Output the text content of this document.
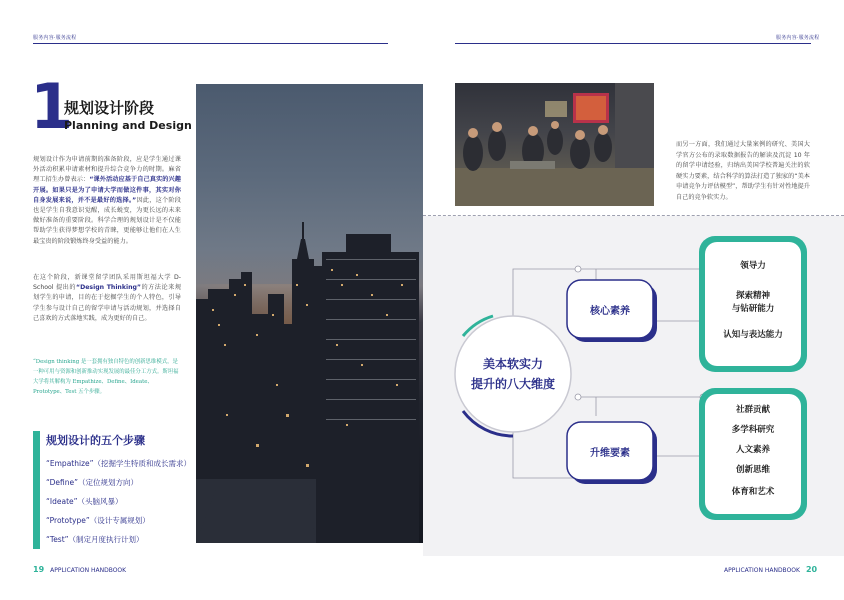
服务内容·服务流程	服务内容·服务流程
1
规划设计阶段
Planning and Design
规划设计作为申请前期的准备阶段，应是学生通过课外活动积累申请素材和提升综合竞争力的时期。麻省理工招生办曾表示：“课外活动应基于自己真实的兴趣开展。如果只是为了申请大学而做这件事，其实对你自身发展来说，并不是最好的选择。”因此，这个阶段也是学生自我意识觉醒，成长蜕变，为更长远的未来做好准备的重要阶段。科学合理的规划设计是不仅能帮助学生获得梦想学校的青睐，更能够让他们在人生最宝贵的阶段锻炼终身受益的能力。
在这个阶段，新课堂留学团队采用斯坦福大学 D-School 提出的“Design Thinking”的方法论来规划学生的申请，目的在于挖掘学生的个人特色，引导学生参与设计自己的留学申请与活动规划，并选择自己喜欢的方式落地实践，成为更好的自己。
“Design thinking 是一套拥有独自特色的创新思维模式，是一种可用与资源和创新推动实现发展的最佳分工方式。斯坦福大学将其解构为 Empathize、Define、Ideate、Prototype、Test 五个步骤。
规划设计的五个步骤
“Empathize”（挖掘学生特质和成长需求）
“Define”（定位规划方向）
“Ideate”（头脑风暴）
“Prototype”（设计专属规划）
“Test”（制定月度执行计划）
而另一方面，我们通过大量案例的研究、美国大学官方公布的录取数据报告的解读及沉淀 10 年的留学申请经验，归纳出美国学校普遍关注的软硬实力要素，结合科学的算法打造了独家的“美本申请竞争力评估模型”，帮助学生有针对性地提升自己的竞争软实力。
美本软实力
提升的八大维度
核心素养
升维要素
领导力
探索精神
与钻研能力
认知与表达能力
社群贡献
多学科研究
人文素养
创新思维
体育和艺术
19 APPLICATION HANDBOOK	APPLICATION HANDBOOK 20
